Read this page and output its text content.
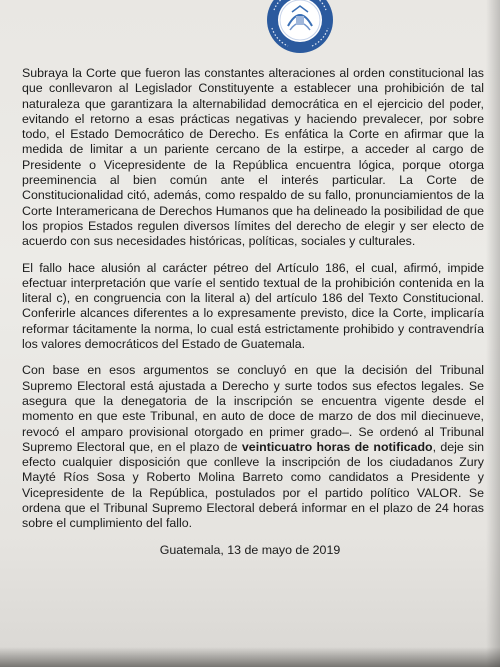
Subraya la Corte que fueron las constantes alteraciones al orden constitucional las que conllevaron al Legislador Constituyente a establecer una prohibición de tal naturaleza que garantizara la alternabilidad democrática en el ejercicio del poder, evitando el retorno a esas prácticas negativas y haciendo prevalecer, por sobre todo, el Estado Democrático de Derecho. Es enfática la Corte en afirmar que la medida de limitar a un pariente cercano de la estirpe, a acceder al cargo de Presidente o Vicepresidente de la República encuentra lógica, porque otorga preeminencia al bien común ante el interés particular. La Corte de Constitucionalidad citó, además, como respaldo de su fallo, pronunciamientos de la Corte Interamericana de Derechos Humanos que ha delineado la posibilidad de que los propios Estados regulen diversos límites del derecho de elegir y ser electo de acuerdo con sus necesidades históricas, políticas, sociales y culturales.

El fallo hace alusión al carácter pétreo del Artículo 186, el cual, afirmó, impide efectuar interpretación que varíe el sentido textual de la prohibición contenida en la literal c), en congruencia con la literal a) del artículo 186 del Texto Constitucional. Conferirle alcances diferentes a lo expresamente previsto, dice la Corte, implicaría reformar tácitamente la norma, lo cual está estrictamente prohibido y contravendría los valores democráticos del Estado de Guatemala.

Con base en esos argumentos se concluyó en que la decisión del Tribunal Supremo Electoral está ajustada a Derecho y surte todos sus efectos legales. Se asegura que la denegatoria de la inscripción se encuentra vigente desde el momento en que este Tribunal, en auto de doce de marzo de dos mil diecinueve, revocó el amparo provisional otorgado en primer grado–. Se ordenó al Tribunal Supremo Electoral que, en el plazo de veinticuatro horas de notificado, deje sin efecto cualquier disposición que conlleve la inscripción de los ciudadanos Zury Mayté Ríos Sosa y Roberto Molina Barreto como candidatos a Presidente y Vicepresidente de la República, postulados por el partido político VALOR. Se ordena que el Tribunal Supremo Electoral deberá informar en el plazo de 24 horas sobre el cumplimiento del fallo.

Guatemala, 13 de mayo de 2019
